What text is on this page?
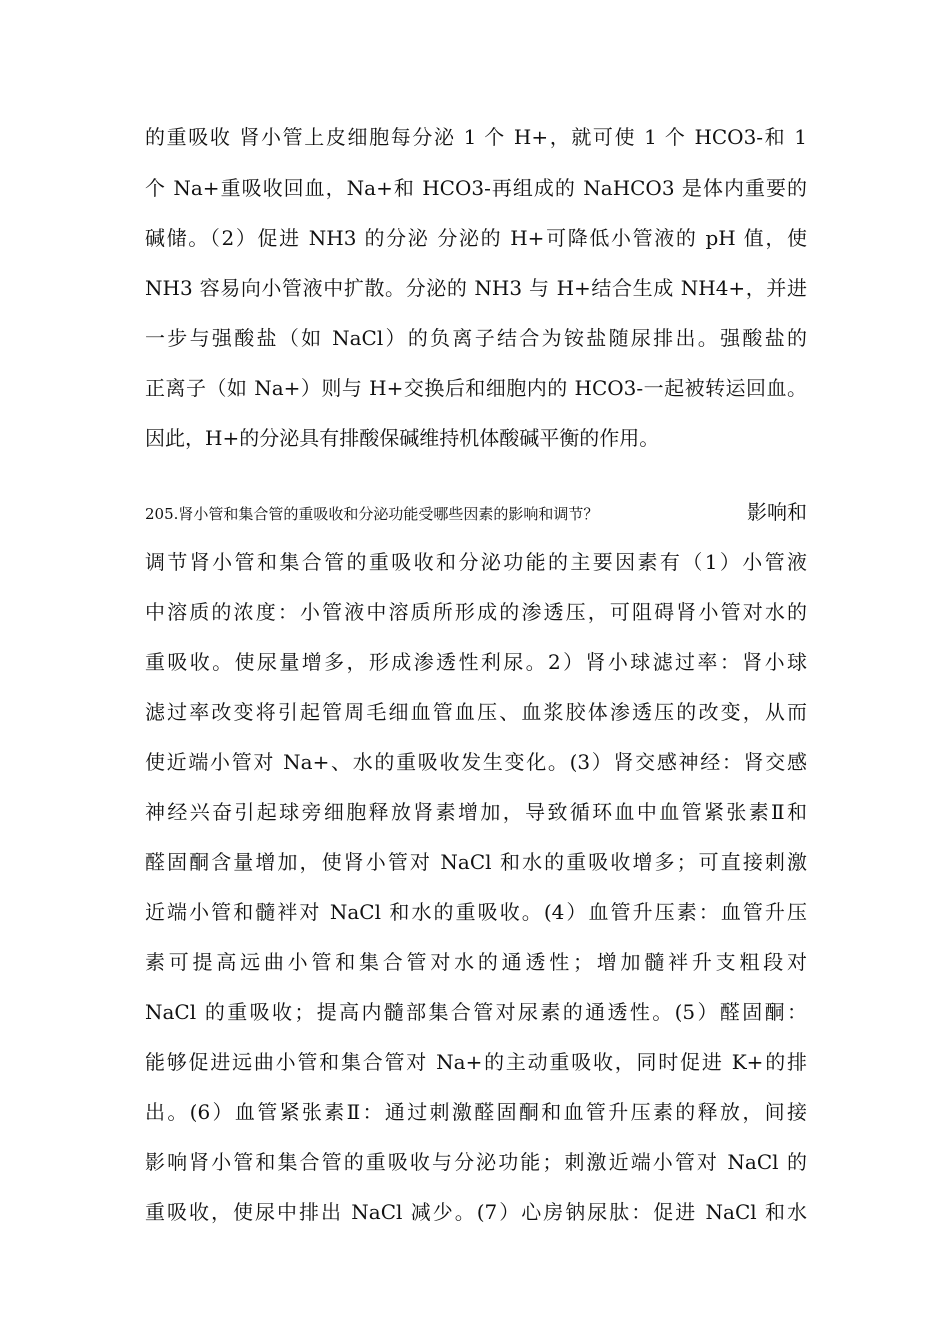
的重吸收 肾小管上皮细胞每分泌 1 个 H+，就可使 1 个 HCO3-和 1
个 Na+重吸收回血，Na+和 HCO3-再组成的 NaHCO3 是体内重要的
碱储。（2）促进 NH3 的分泌 分泌的 H+可降低小管液的 pH 值，使
NH3 容易向小管液中扩散。分泌的 NH3 与 H+结合生成 NH4+，并进
一步与强酸盐（如 NaCl）的负离子结合为铵盐随尿排出。强酸盐的
正离子（如 Na+）则与 H+交换后和细胞内的 HCO3-一起被转运回血。
因此，H+的分泌具有排酸保碱维持机体酸碱平衡的作用。
205.肾小管和集合管的重吸收和分泌功能受哪些因素的影响和调节？	影响和
调节肾小管和集合管的重吸收和分泌功能的主要因素有（1）小管液
中溶质的浓度：小管液中溶质所形成的渗透压，可阻碍肾小管对水的
重吸收。使尿量增多，形成渗透性利尿。2）肾小球滤过率：肾小球
滤过率改变将引起管周毛细血管血压、血浆胶体渗透压的改变，从而
使近端小管对 Na+、水的重吸收发生变化。(3）肾交感神经：肾交感
神经兴奋引起球旁细胞释放肾素增加，导致循环血中血管紧张素Ⅱ和
醛固酮含量增加，使肾小管对 NaCl 和水的重吸收增多；可直接刺激
近端小管和髓袢对 NaCl 和水的重吸收。(4）血管升压素：血管升压
素可提高远曲小管和集合管对水的通透性；增加髓袢升支粗段对
NaCl 的重吸收；提高内髓部集合管对尿素的通透性。(5）醛固酮：
能够促进远曲小管和集合管对 Na+的主动重吸收，同时促进 K+的排
出。(6）血管紧张素Ⅱ：通过刺激醛固酮和血管升压素的释放，间接
影响肾小管和集合管的重吸收与分泌功能；刺激近端小管对 NaCl 的
重吸收，使尿中排出 NaCl 减少。(7）心房钠尿肽：促进 NaCl 和水
